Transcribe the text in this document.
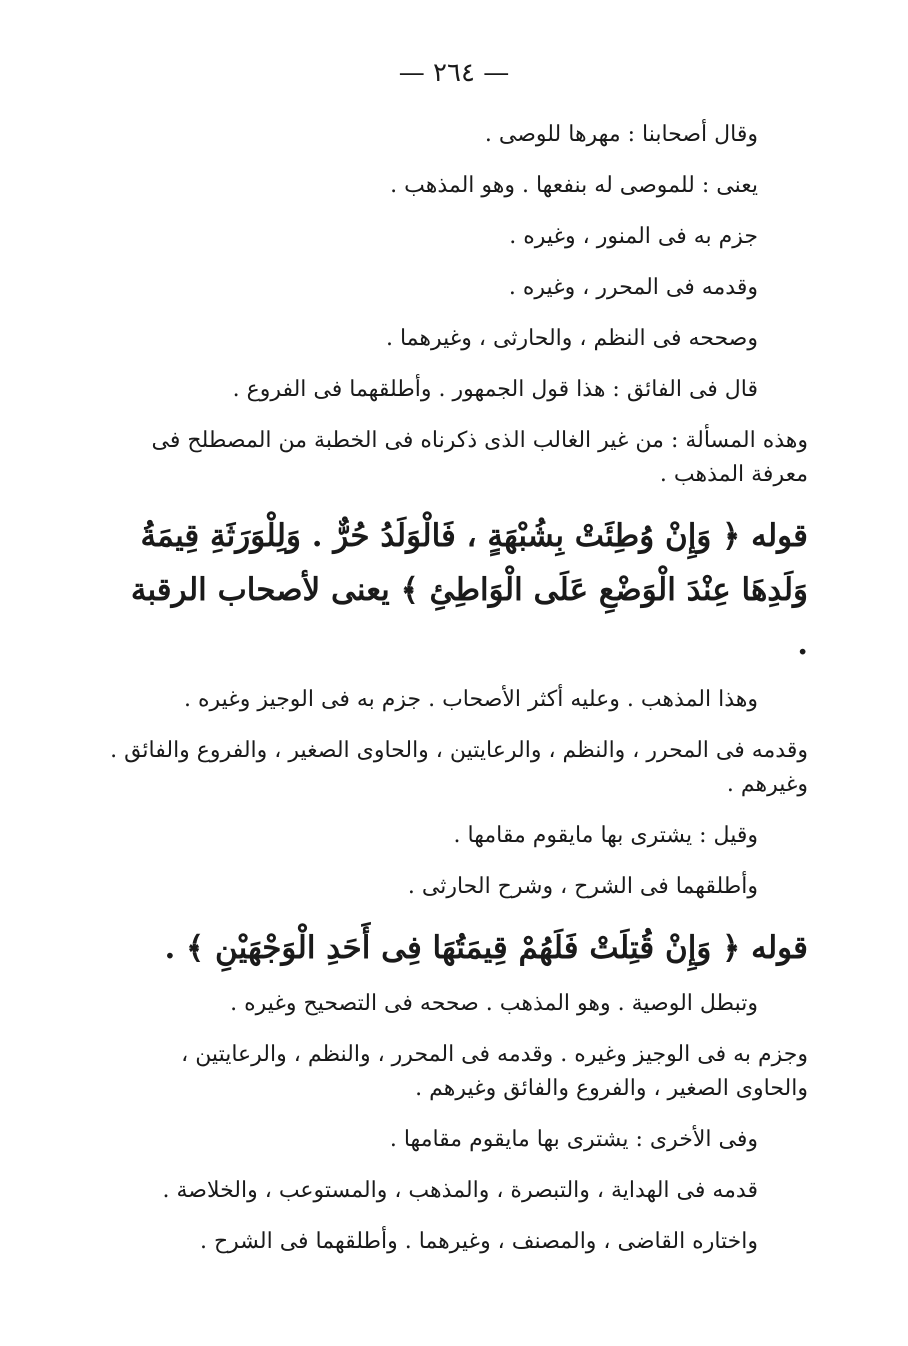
— ٢٦٤ —

وقال أصحابنا : مهرها للوصى .

يعنى : للموصى له بنفعها . وهو المذهب .

جزم به فى المنور ، وغيره .

وقدمه فى المحرر ، وغيره .

وصححه فى النظم ، والحارثى ، وغيرهما .

قال فى الفائق : هذا قول الجمهور . وأطلقهما فى الفروع .

وهذه المسألة : من غير الغالب الذى ذكرناه فى الخطبة من المصطلح فى معرفة المذهب .

قوله ﴿ وَإِنْ وُطِئَتْ بِشُبْهَةٍ ، فَالْوَلَدُ حُرٌّ . وَلِلْوَرَثَةِ قِيمَةُ وَلَدِهَا عِنْدَ الْوَضْعِ عَلَى الْوَاطِئِ ﴾ يعنى لأصحاب الرقبة .

وهذا المذهب . وعليه أكثر الأصحاب . جزم به فى الوجيز وغيره .

وقدمه فى المحرر ، والنظم ، والرعايتين ، والحاوى الصغير ، والفروع والفائق . وغيرهم .

وقيل : يشترى بها مايقوم مقامها .

وأطلقهما فى الشرح ، وشرح الحارثى .

قوله ﴿ وَإِنْ قُتِلَتْ فَلَهُمْ قِيمَتُهَا فِى أَحَدِ الْوَجْهَيْنِ ﴾ .

وتبطل الوصية . وهو المذهب . صححه فى التصحيح وغيره .

وجزم به فى الوجيز وغيره . وقدمه فى المحرر ، والنظم ، والرعايتين ، والحاوى الصغير ، والفروع والفائق وغيرهم .

وفى الأخرى : يشترى بها مايقوم مقامها .

قدمه فى الهداية ، والتبصرة ، والمذهب ، والمستوعب ، والخلاصة .

واختاره القاضى ، والمصنف ، وغيرهما . وأطلقهما فى الشرح .
